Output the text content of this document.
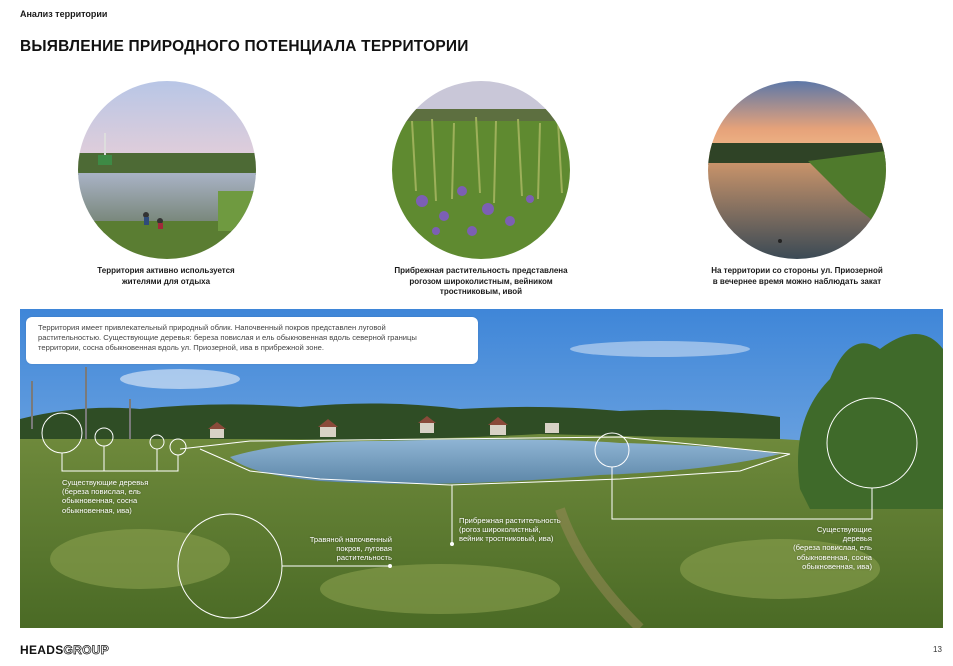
Анализ территории
ВЫЯВЛЕНИЕ ПРИРОДНОГО ПОТЕНЦИАЛА ТЕРРИТОРИИ
Территория активно используется
жителями для отдыха
Прибрежная растительность представлена
рогозом широколистным, вейником
тростниковым, ивой
На территории со стороны ул. Приозерной
в вечернее время можно наблюдать закат
Территория имеет привлекательный природный облик. Напочвенный покров представлен луговой
растительностью. Существующие деревья: береза повислая и ель обыкновенная вдоль северной границы
территории, сосна обыкновенная вдоль ул. Приозерной, ива в прибрежной зоне.
Существующие деревья
(береза повислая, ель
обыкновенная, сосна
обыкновенная, ива)
Травяной напочвенный
покров, луговая
растительность
Прибрежная растительность
(рогоз широколистный,
вейник тростниковый, ива)
Существующие
деревья
(береза повислая, ель
обыкновенная, сосна
обыкновенная, ива)
HEADSGROUP	13
